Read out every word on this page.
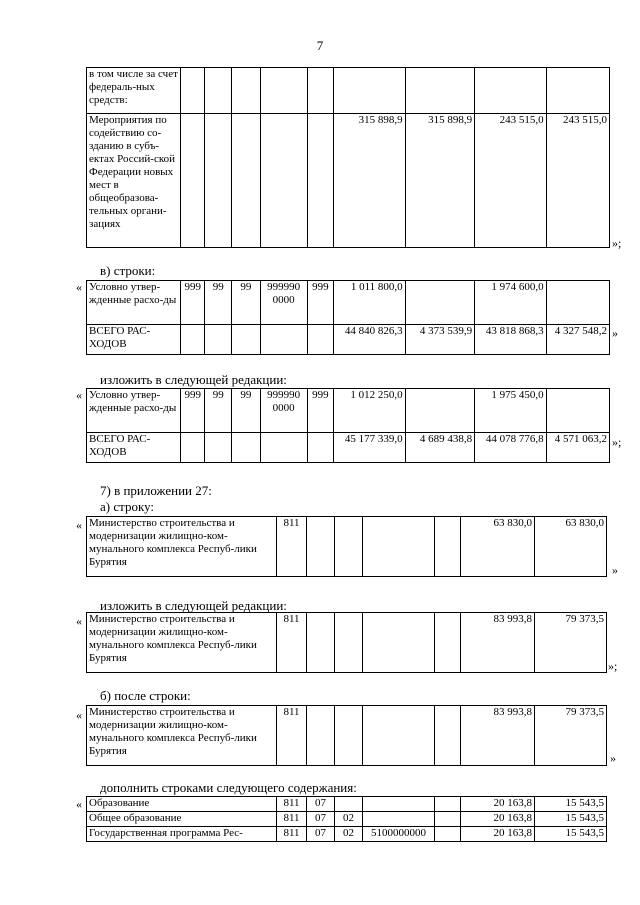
7
в том числе за счет федераль-ных средств:									
Мероприятия по содействию со-зданию в субъ-ектах Россий-ской Федерации новых мест в общеобразова-тельных органи-зациях						315 898,9	315 898,9	243 515,0	243 515,0
»;
в) строки:
Условно утвер-жденные расхо-ды	999	99	99	999990 0000	999	1 011 800,0		1 974 600,0	
ВСЕГО РАС-ХОДОВ						44 840 826,3	4 373 539,9	43 818 868,3	4 327 548,2 »
изложить в следующей редакции:
Условно утвер-жденные расхо-ды	999	99	99	999990 0000	999	1 012 250,0		1 975 450,0	
ВСЕГО РАС-ХОДОВ						45 177 339,0	4 689 438,8	44 078 776,8	4 571 063,2 »;
7) в приложении 27:
а) строку:
« Министерство строительства и модернизации жилищно-ком-мунального комплекса Респуб-лики Бурятия	811					63 830,0	63 830,0
»
изложить в следующей редакции:
« Министерство строительства и модернизации жилищно-ком-мунального комплекса Респуб-лики Бурятия	811					83 993,8	79 373,5
»;
б) после строки:
« Министерство строительства и модернизации жилищно-ком-мунального комплекса Респуб-лики Бурятия	811					83 993,8	79 373,5
»
дополнить строками следующего содержания:
« Образование	811	07				20 163,8	15 543,5
Общее образование	811	07	02			20 163,8	15 543,5
Государственная программа Рес-	811	07	02	5100000000		20 163,8	15 543,5
«
«
